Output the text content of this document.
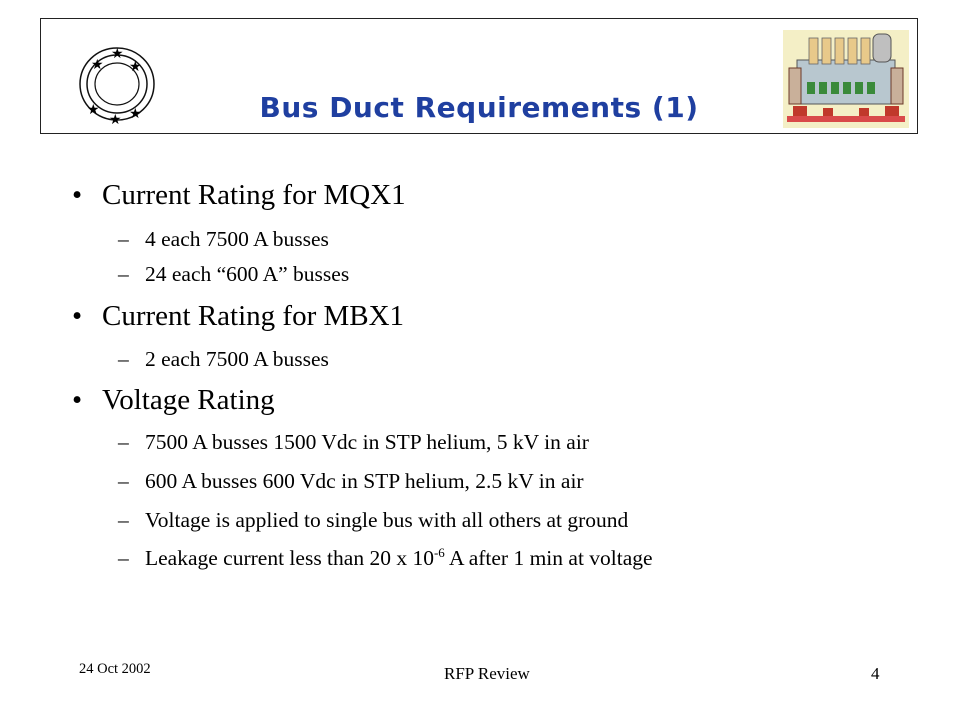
★
★
★
★
★ ★	Bus Duct Requirements (1)
• Current Rating for MQX1
– 4 each 7500 A busses
– 24 each “600 A” busses
• Current Rating for MBX1
– 2 each 7500 A busses
• Voltage Rating
– 7500 A busses 1500 Vdc in STP helium, 5 kV in air
– 600 A busses 600 Vdc in STP helium, 2.5 kV in air
– Voltage is applied to single bus with all others at ground
– Leakage current less than 20 x $10^{-6}$ A after 1 min at voltage
24 Oct 2002	RFP Review	4
